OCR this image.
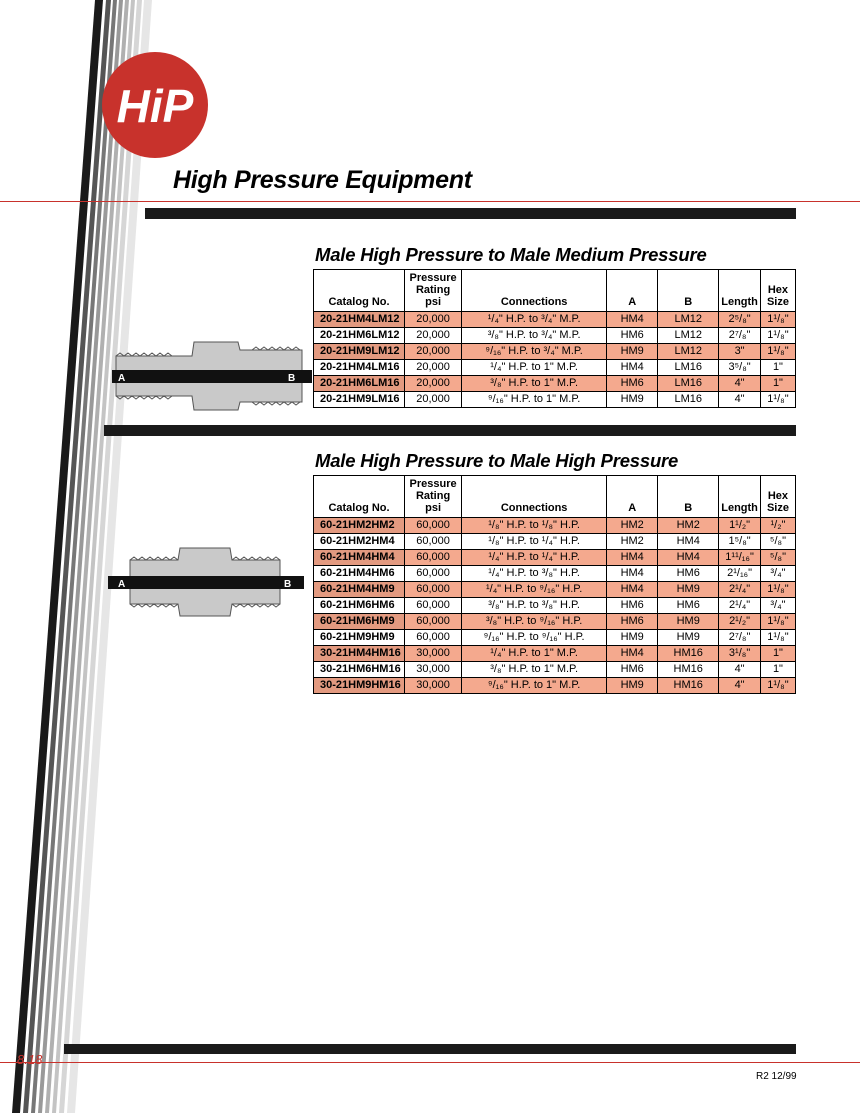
HiP
High Pressure Equipment
Male High Pressure to Male Medium Pressure
Catalog No.	Pressure
Rating
psi	Connections	A	B	Length	Hex
Size
20-21HM4LM12	20,000	¹/₄" H.P. to ³/₄" M.P.	HM4	LM12	2⁵/₈"	1¹/₈"
20-21HM6LM12	20,000	³/₈" H.P. to ³/₄" M.P.	HM6	LM12	2⁷/₈"	1¹/₈"
20-21HM9LM12	20,000	⁹/₁₆" H.P. to ³/₄" M.P.	HM9	LM12	3"	1¹/₈"
20-21HM4LM16	20,000	¹/₄" H.P. to 1" M.P.	HM4	LM16	3⁵/₈"	1"
20-21HM6LM16	20,000	³/₈" H.P. to 1" M.P.	HM6	LM16	4"	1"
20-21HM9LM16	20,000	⁹/₁₆" H.P. to 1" M.P.	HM9	LM16	4"	1¹/₈"
A	B
Male High Pressure to Male High Pressure
Catalog No.	Pressure
Rating
psi	Connections	A	B	Length	Hex
Size
60-21HM2HM2	60,000	¹/₈" H.P. to ¹/₈" H.P.	HM2	HM2	1¹/₂"	¹/₂"
60-21HM2HM4	60,000	¹/₈" H.P. to ¹/₄" H.P.	HM2	HM4	1⁵/₈"	⁵/₈"
60-21HM4HM4	60,000	¹/₄" H.P. to ¹/₄" H.P.	HM4	HM4	1¹¹/₁₆"	⁵/₈"
60-21HM4HM6	60,000	¹/₄" H.P. to ³/₈" H.P.	HM4	HM6	2¹/₁₆"	³/₄"
60-21HM4HM9	60,000	¹/₄" H.P. to ⁹/₁₆" H.P.	HM4	HM9	2¹/₄"	1¹/₈"
60-21HM6HM6	60,000	³/₈" H.P. to ³/₈" H.P.	HM6	HM6	2¹/₄"	³/₄"
60-21HM6HM9	60,000	³/₈" H.P. to ⁹/₁₆" H.P.	HM6	HM9	2¹/₂"	1¹/₈"
60-21HM9HM9	60,000	⁹/₁₆" H.P. to ⁹/₁₆" H.P.	HM9	HM9	2⁷/₈"	1¹/₈"
30-21HM4HM16	30,000	¹/₄" H.P. to 1" M.P.	HM4	HM16	3¹/₈"	1"
30-21HM6HM16	30,000	³/₈" H.P. to 1" M.P.	HM6	HM16	4"	1"
30-21HM9HM16	30,000	⁹/₁₆" H.P. to 1" M.P.	HM9	HM16	4"	1¹/₈"
A	B
8.18
R2 12/99
